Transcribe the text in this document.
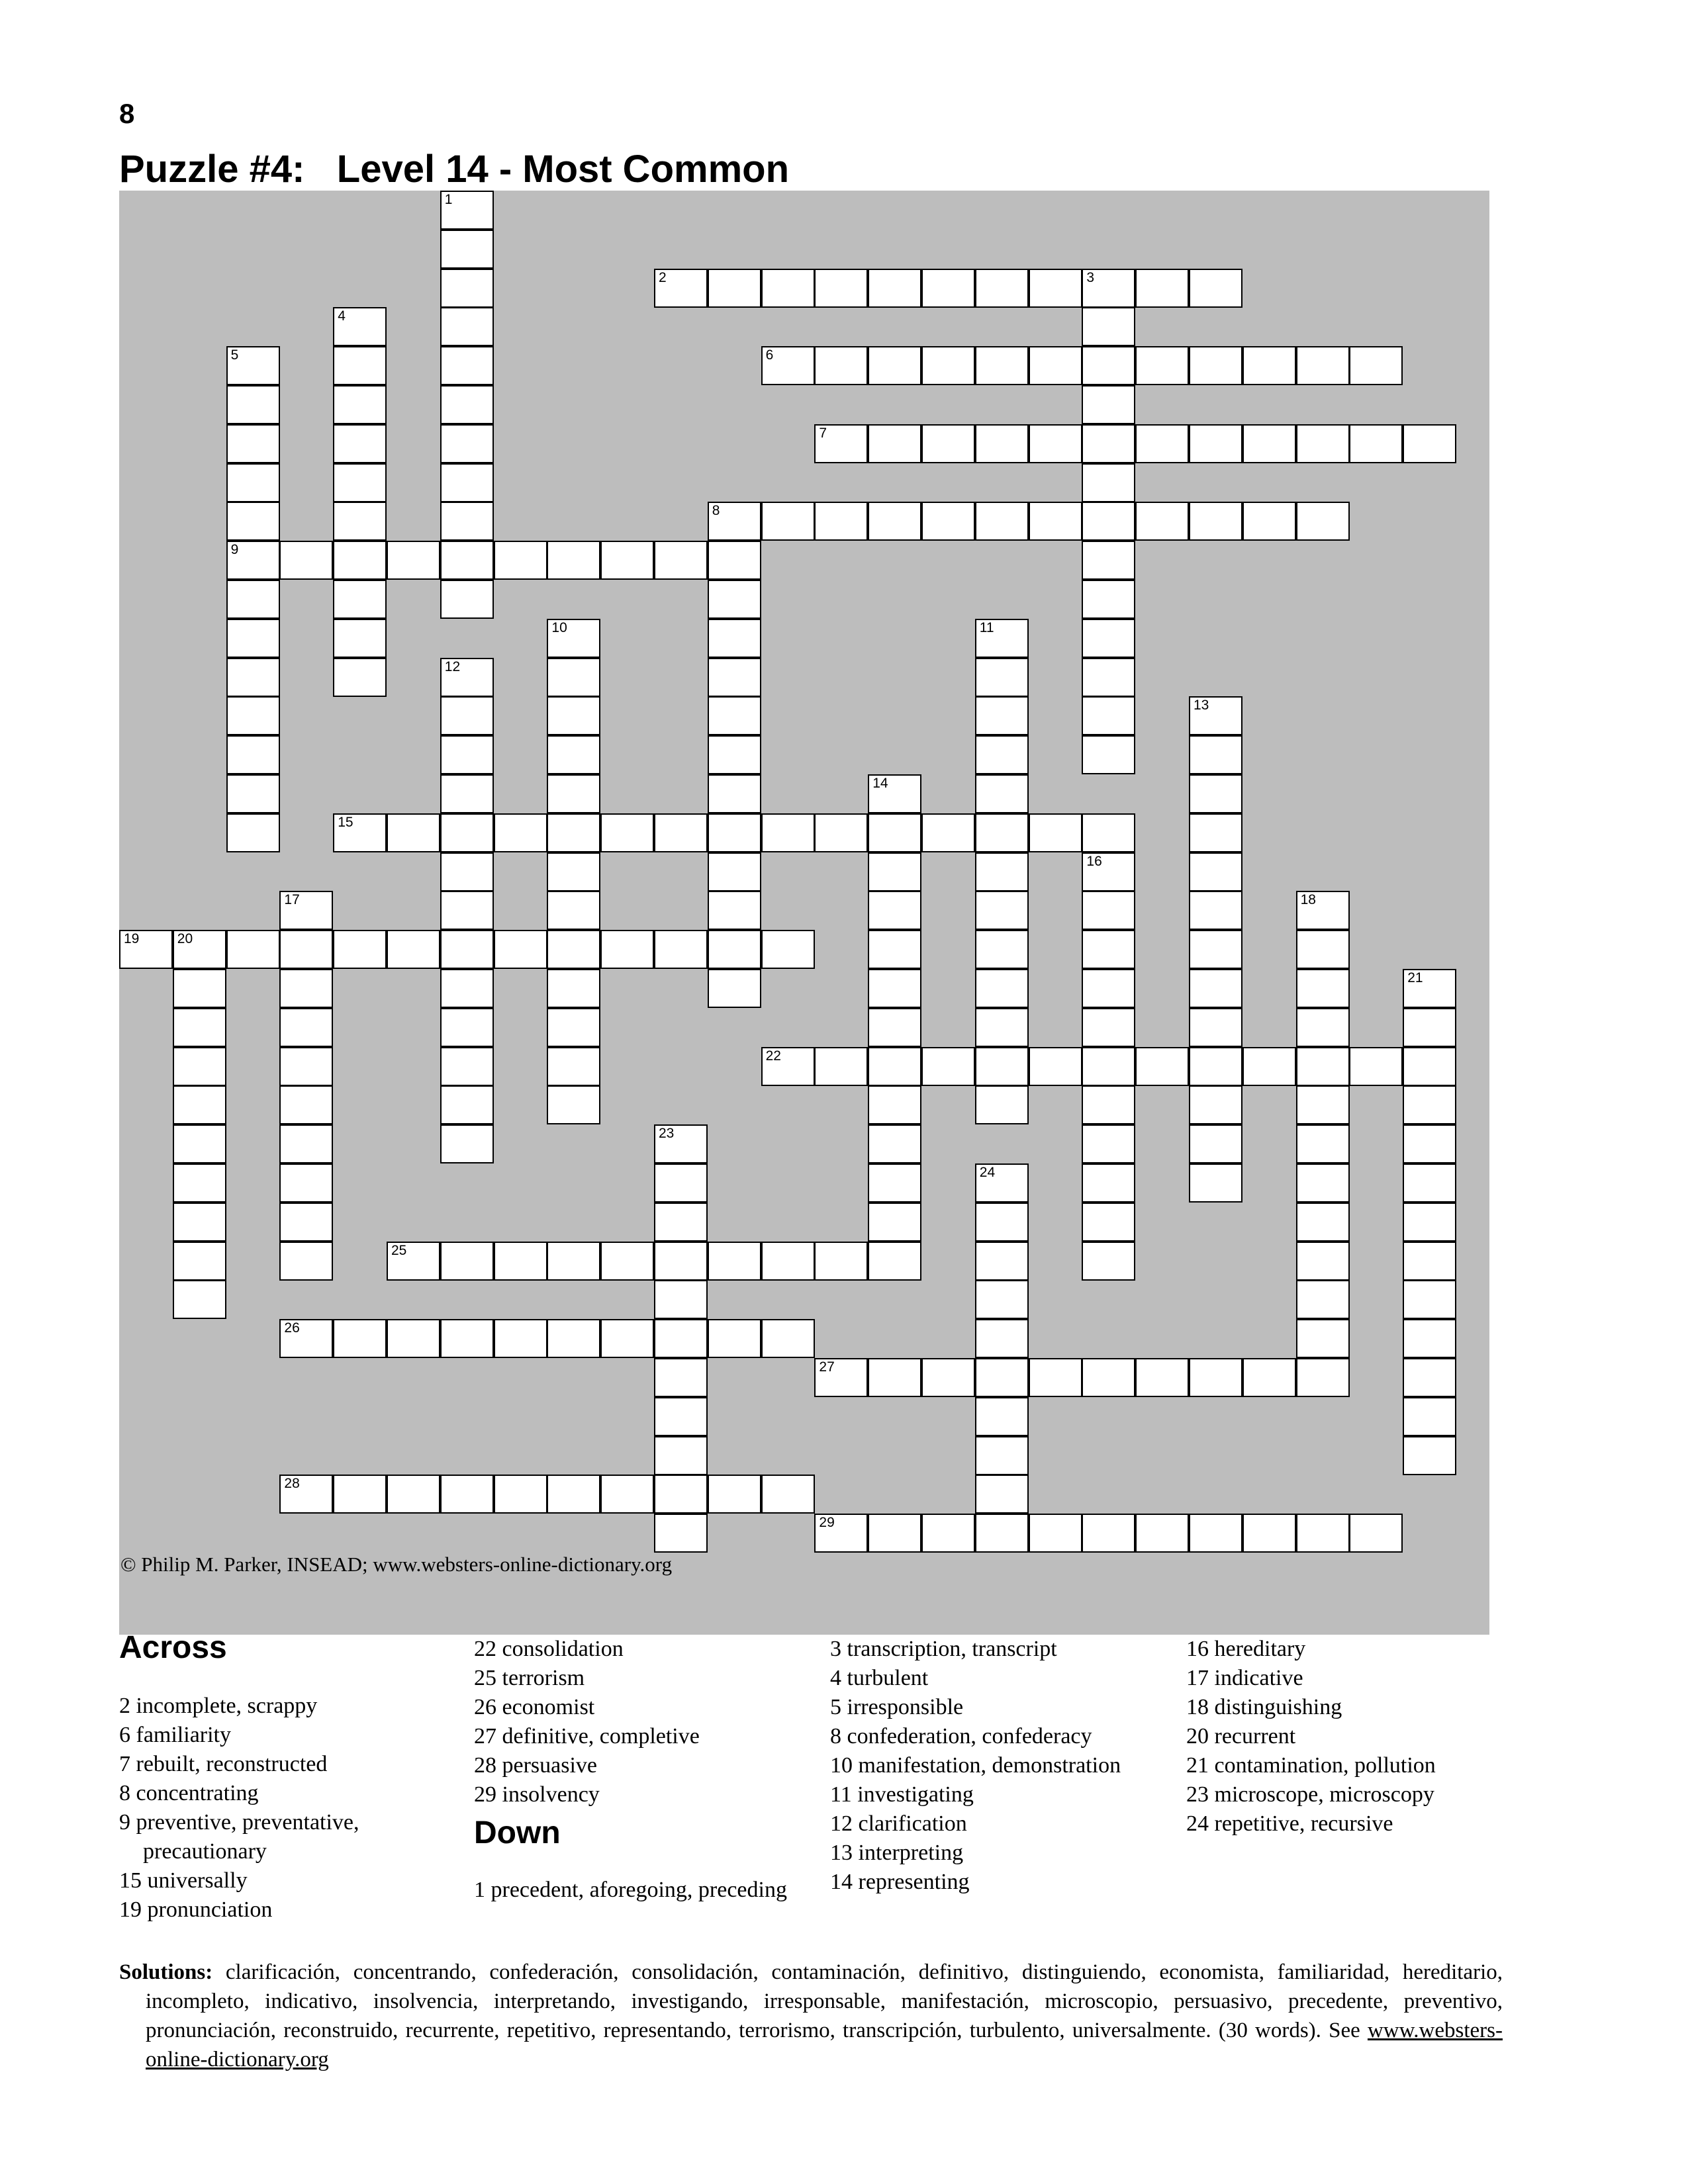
8
Puzzle #4:   Level 14 - Most Common
© Philip M. Parker, INSEAD; www.websters-online-dictionary.org
1
2	3
4
5
9
6
7
8
10	11
12
13
14
15
16
17	18
19	20
21
22
23
24
25
26
27
28
29
Across
2 incomplete, scrappy
6 familiarity
7 rebuilt, reconstructed
8 concentrating
9 preventive, preventative, precautionary
15 universally
19 pronunciation
22 consolidation
25 terrorism
26 economist
27 definitive, completive
28 persuasive
29 insolvency
Down
1 precedent, aforegoing, preceding
3 transcription, transcript
4 turbulent
5 irresponsible
8 confederation, confederacy
10 manifestation, demonstration
11 investigating
12 clarification
13 interpreting
14 representing
16 hereditary
17 indicative
18 distinguishing
20 recurrent
21 contamination, pollution
23 microscope, microscopy
24 repetitive, recursive
Solutions: clarificación, concentrando, confederación, consolidación, contaminación, definitivo, distinguiendo, economista, familiaridad, hereditario, incompleto, indicativo, insolvencia, interpretando, investigando, irresponsable, manifestación, microscopio, persuasivo, precedente, preventivo, pronunciación, reconstruido, recurrente, repetitivo, representando, terrorismo, transcripción, turbulento, universalmente. (30 words). See www.websters-online-dictionary.org
